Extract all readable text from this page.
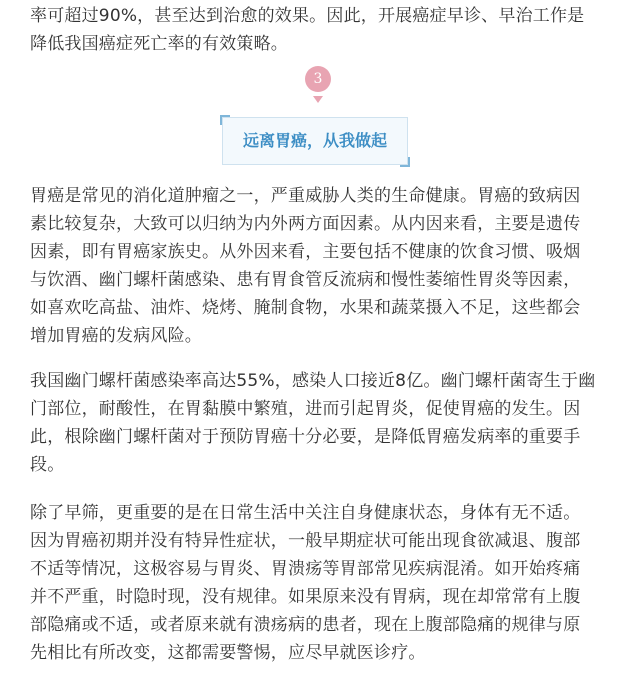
率可超过90%，甚至达到治愈的效果。因此，开展癌症早诊、早治工作是
降低我国癌症死亡率的有效策略。

3
远离胃癌，从我做起

胃癌是常见的消化道肿瘤之一，严重威胁人类的生命健康。胃癌的致病因
素比较复杂，大致可以归纳为内外两方面因素。从内因来看，主要是遗传
因素，即有胃癌家族史。从外因来看，主要包括不健康的饮食习惯、吸烟
与饮酒、幽门螺杆菌感染、患有胃食管反流病和慢性萎缩性胃炎等因素，
如喜欢吃高盐、油炸、烧烤、腌制食物，水果和蔬菜摄入不足，这些都会
增加胃癌的发病风险。

我国幽门螺杆菌感染率高达55%，感染人口接近8亿。幽门螺杆菌寄生于幽
门部位，耐酸性，在胃黏膜中繁殖，进而引起胃炎，促使胃癌的发生。因
此，根除幽门螺杆菌对于预防胃癌十分必要，是降低胃癌发病率的重要手
段。

除了早筛，更重要的是在日常生活中关注自身健康状态，身体有无不适。
因为胃癌初期并没有特异性症状，一般早期症状可能出现食欲减退、腹部
不适等情况，这极容易与胃炎、胃溃疡等胃部常见疾病混淆。如开始疼痛
并不严重，时隐时现，没有规律。如果原来没有胃病，现在却常常有上腹
部隐痛或不适，或者原来就有溃疡病的患者，现在上腹部隐痛的规律与原
先相比有所改变，这都需要警惕，应尽早就医诊疗。
